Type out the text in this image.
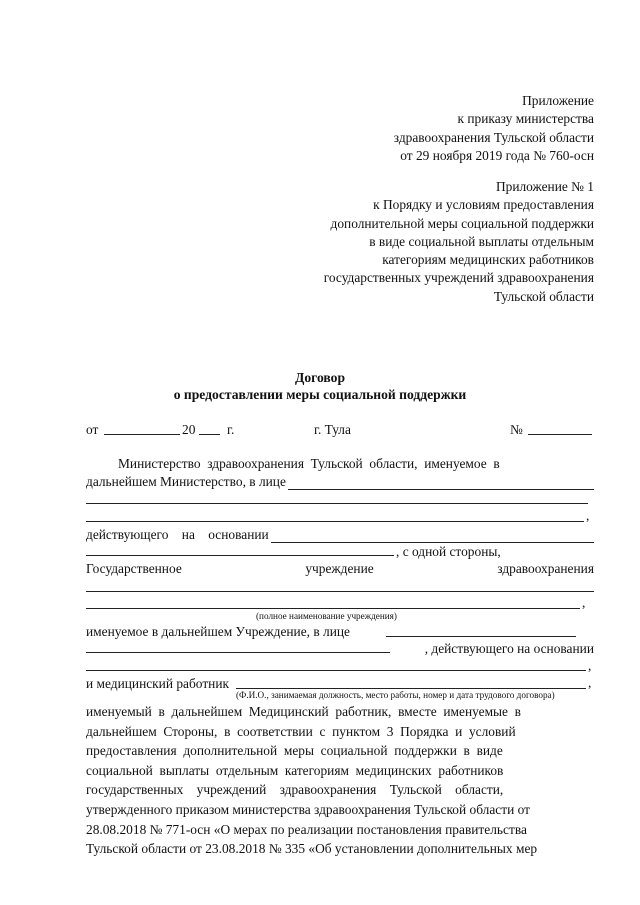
Приложение
к приказу министерства
здравоохранения Тульской области
от 29 ноября 2019 года № 760-осн
Приложение № 1
к Порядку и условиям предоставления
дополнительной меры социальной поддержки
в виде социальной выплаты отдельным
категориям медицинских работников
государственных учреждений здравоохранения
Тульской области
Договор
о предоставлении меры социальной поддержки
от	20 г.	г. Тула	№
Министерство  здравоохранения  Тульской  области,  именуемое  в
дальнейшем Министерство, в лице
,
действующего    на    основании
, с одной стороны,
Государственное	учреждение	здравоохранения
,
(полное наименование учреждения)
именуемое в дальнейшем Учреждение, в лице
, действующего на основании
,
и медицинский работник	,
(Ф.И.О., занимаемая должность, место работы, номер и дата трудового договора)
именуемый  в  дальнейшем  Медицинский  работник,  вместе  именуемые  в
дальнейшем  Стороны,  в  соответствии  с  пунктом  3  Порядка  и  условий
предоставления  дополнительной  меры  социальной  поддержки  в  виде
социальной  выплаты  отдельным  категориям  медицинских  работников
государственных    учреждений    здравоохранения    Тульской    области,
утвержденного приказом министерства здравоохранения Тульской области от
28.08.2018 № 771-осн «О мерах по реализации постановления правительства
Тульской области от 23.08.2018 № 335 «Об установлении дополнительных мер
